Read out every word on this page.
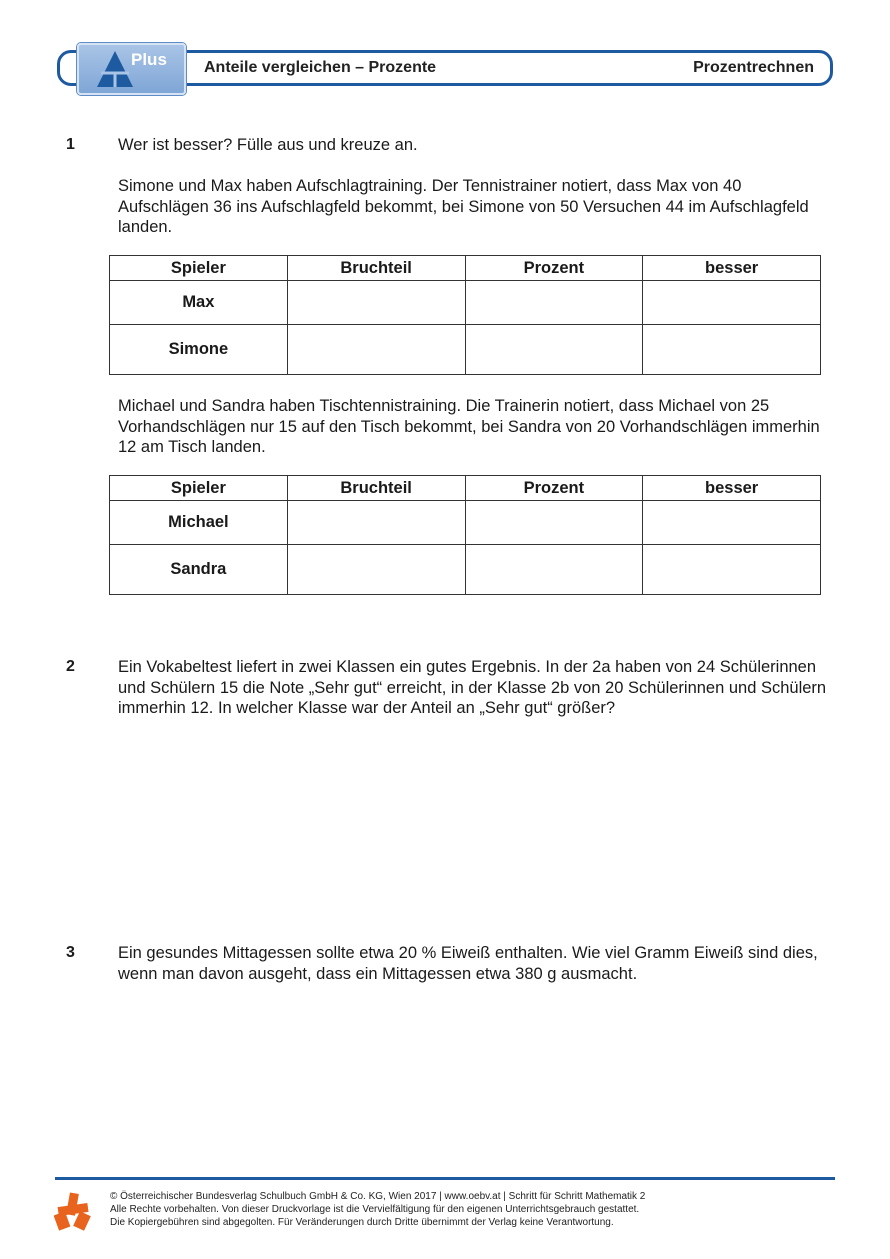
Plus Anteile vergleichen – Prozente	Prozentrechnen
1	Wer ist besser? Fülle aus und kreuze an.
Simone und Max haben Aufschlagtraining. Der Tennistrainer notiert, dass Max von 40 Aufschlägen 36 ins Aufschlagfeld bekommt, bei Simone von 50 Versuchen 44 im Aufschlagfeld landen.
Spieler	Bruchteil	Prozent	besser
Max			
Simone			
Michael und Sandra haben Tischtennistraining. Die Trainerin notiert, dass Michael von 25 Vorhandschlägen nur 15 auf den Tisch bekommt, bei Sandra von 20 Vorhandschlägen immerhin 12 am Tisch landen.
Spieler	Bruchteil	Prozent	besser
Michael			
Sandra			
2	Ein Vokabeltest liefert in zwei Klassen ein gutes Ergebnis. In der 2a haben von 24 Schülerinnen und Schülern 15 die Note „Sehr gut“ erreicht, in der Klasse 2b von 20 Schülerinnen und Schülern immerhin 12. In welcher Klasse war der Anteil an „Sehr gut“ größer?
3	Ein gesundes Mittagessen sollte etwa 20 % Eiweiß enthalten. Wie viel Gramm Eiweiß sind dies, wenn man davon ausgeht, dass ein Mittagessen etwa 380 g ausmacht.
© Österreichischer Bundesverlag Schulbuch GmbH & Co. KG, Wien 2017 | www.oebv.at | Schritt für Schritt Mathematik 2
Alle Rechte vorbehalten. Von dieser Druckvorlage ist die Vervielfältigung für den eigenen Unterrichtsgebrauch gestattet.
Die Kopiergebühren sind abgegolten. Für Veränderungen durch Dritte übernimmt der Verlag keine Verantwortung.
